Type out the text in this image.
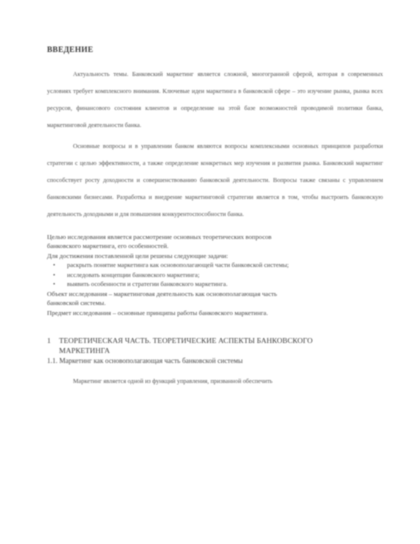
ВВЕДЕНИЕ

Актуальность темы. Банковский маркетинг является сложной, многогранной сферой, которая в современных условиях требует комплексного внимания. Ключевые идеи маркетинга в банковской сфере – это изучение рынка, рынка всех ресурсов, финансового состояния клиентов и определение на этой базе возможностей проводимой политики банка, маркетинговой деятельности банка.

Основные вопросы и в управлении банком являются вопросы комплексными основных принципов разработки стратегии с целью эффективности, а также определение конкретных мер изучения и развития рынка. Банковский маркетинг способствует росту доходности и совершенствованию банковской деятельности. Вопросы также связаны с управлением банковскими бизнесами. Разработка и внедрение маркетинговой стратегии является в том, чтобы выстроить банковскую деятельность доходными и для повышения конкурентоспособности банка.

Целью исследования является рассмотрение основных теоретических вопросов
банковского маркетинга, его особенностей.
Для достижения поставленной цели решены следующие задачи:
• раскрыть понятие маркетинга как основополагающей части банковской системы;
• исследовать концепции банковского маркетинга;
• выявить особенности и стратегии банковского маркетинга.
Объект исследования – маркетинговая деятельность как основополагающая часть
банковской системы.
Предмет исследования – основные принципы работы банковского маркетинга.
1 ТЕОРЕТИЧЕСКАЯ ЧАСТЬ. ТЕОРЕТИЧЕСКИЕ АСПЕКТЫ БАНКОВСКОГО
МАРКЕТИНГА
1.1. Маркетинг как основополагающая часть банковской системы
Маркетинг является одной из функций управления, призванной обеспечить
